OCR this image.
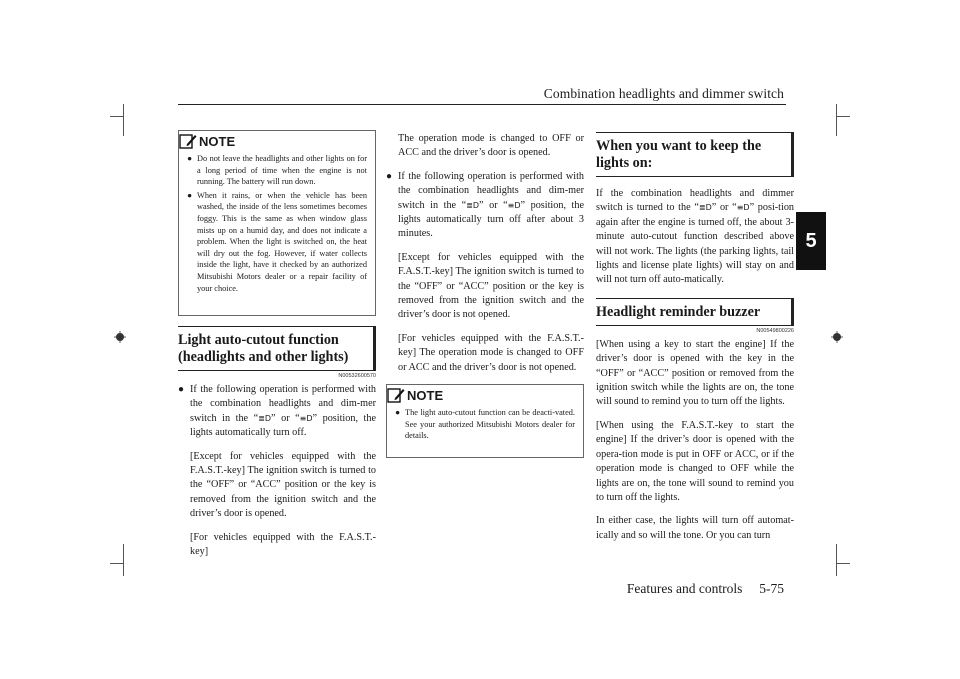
Combination headlights and dimmer switch
5
Features and controls     5-75
NOTE

● Do not leave the headlights and other lights on for a long period of time when the engine is not running. The battery will run down.

● When it rains, or when the vehicle has been washed, the inside of the lens sometimes becomes foggy. This is the same as when window glass mists up on a humid day, and does not indicate a problem. When the light is switched on, the heat will dry out the fog. However, if water collects inside the light, have it checked by an authorized Mitsubishi Motors dealer or a repair facility of your choice.

Light auto-cutout function (headlights and other lights)
N00532600570

● If the following operation is performed with the combination headlights and dim-mer switch in the “≣D” or “≡D” position, the lights automatically turn off.

[Except for vehicles equipped with the F.A.S.T.-key] The ignition switch is turned to the “OFF” or “ACC” position or the key is removed from the ignition switch and the driver’s door is opened.

[For vehicles equipped with the F.A.S.T.-key]

The operation mode is changed to OFF or ACC and the driver’s door is opened.

● If the following operation is performed with the combination headlights and dim-mer switch in the “≣D” or “≡D” position, the lights automatically turn off after about 3 minutes.

[Except for vehicles equipped with the F.A.S.T.-key] The ignition switch is turned to the “OFF” or “ACC” position or the key is removed from the ignition switch and the driver’s door is not opened.

[For vehicles equipped with the F.A.S.T.-key] The operation mode is changed to OFF or ACC and the driver’s door is not opened.

NOTE

● The light auto-cutout function can be deacti-vated. See your authorized Mitsubishi Motors dealer for details.

When you want to keep the lights on:

If the combination headlights and dimmer switch is turned to the “≣D” or “≡D” posi-tion again after the engine is turned off, the about 3-minute auto-cutout function described above will not work. The lights (the parking lights, tail lights and license plate lights) will stay on and will not turn off auto-matically.

Headlight reminder buzzer
N00549800226

[When using a key to start the engine] If the driver’s door is opened with the key in the “OFF” or “ACC” position or removed from the ignition switch while the lights are on, the tone will sound to remind you to turn off the lights.

[When using the F.A.S.T.-key to start the engine] If the driver’s door is opened with the opera-tion mode is put in OFF or ACC, or if the operation mode is changed to OFF while the lights are on, the tone will sound to remind you to turn off the lights.

In either case, the lights will turn off automat-ically and so will the tone. Or you can turn
